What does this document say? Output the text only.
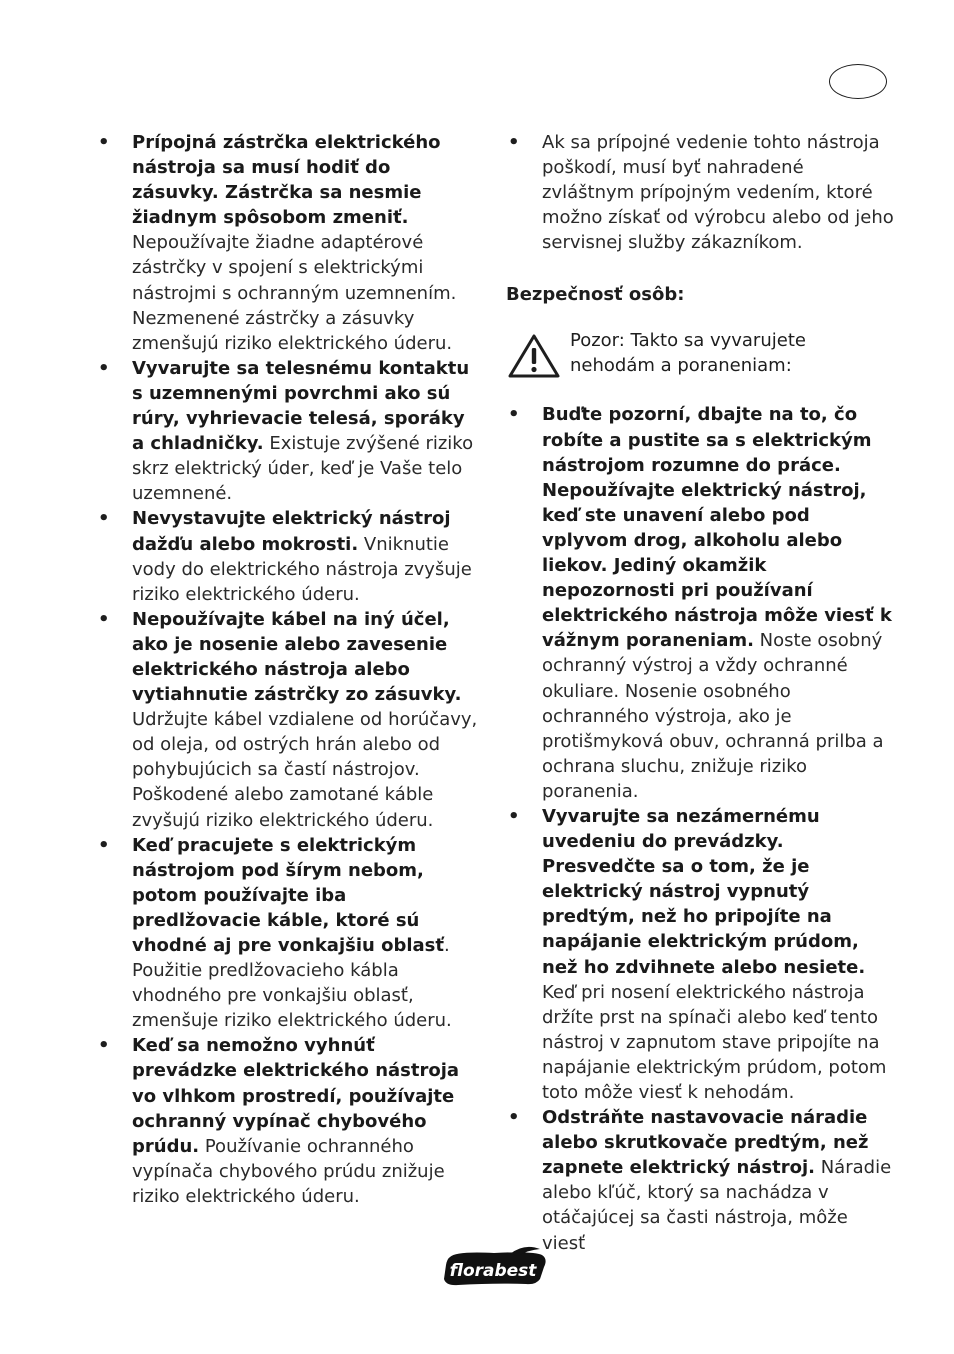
• Prípojná zástrčka elektrického nástroja sa musí hodiť do zásuvky. Zástrčka sa nesmie žiadnym spôsobom zmeniť. Nepoužívajte žiadne adaptérové zástrčky v spojení s elektrickými nástrojmi s ochranným uzemnením. Nezmenené zástrčky a zásuvky zmenšujú riziko elektrického úderu.
• Vyvarujte sa telesnému kontaktu s uzemnenými povrchmi ako sú rúry, vyhrievacie telesá, sporáky a chladničky. Existuje zvýšené riziko skrz elektrický úder, keď je Vaše telo uzemnené.
• Nevystavujte elektrický nástroj dažďu alebo mokrosti. Vniknutie vody do elektrického nástroja zvyšuje riziko elektrického úderu.
• Nepoužívajte kábel na iný účel, ako je nosenie alebo zavesenie elektrického nástroja alebo vytiahnutie zástrčky zo zásuvky. Udržujte kábel vzdialene od horúčavy, od oleja, od ostrých hrán alebo od pohybujúcich sa častí nástrojov. Poškodené alebo zamotané káble zvyšujú riziko elektrického úderu.
• Keď pracujete s elektrickým nástrojom pod šírym nebom, potom používajte iba predlžovacie káble, ktoré sú vhodné aj pre vonkajšiu oblasť. Použitie predlžovacieho kábla vhodného pre vonkajšiu oblasť, zmenšuje riziko elektrického úderu.
• Keď sa nemožno vyhnúť prevádzke elektrického nástroja vo vlhkom prostredí, používajte ochranný vypínač chybového prúdu. Používanie ochranného vypínača chybového prúdu znižuje riziko elektrického úderu.
• Ak sa prípojné vedenie tohto nástroja poškodí, musí byť nahradené zvláštnym prípojným vedením, ktoré možno získať od výrobcu alebo od jeho servisnej služby zákazníkom.
Bezpečnosť osôb:
Pozor: Takto sa vyvarujete nehodám a poraneniam:
• Buďte pozorní, dbajte na to, čo robíte a pustite sa s elektrickým nástrojom rozumne do práce. Nepoužívajte elektrický nástroj, keď ste unavení alebo pod vplyvom drog, alkoholu alebo liekov. Jediný okamžik nepozornosti pri používaní elektrického nástroja môže viesť k vážnym poraneniam. Noste osobný ochranný výstroj a vždy ochranné okuliare. Nosenie osobného ochranného výstroja, ako je protišmyková obuv, ochranná prilba a ochrana sluchu, znižuje riziko poranenia.
• Vyvarujte sa nezámernému uvedeniu do prevádzky. Presvedčte sa o tom, že je elektrický nástroj vypnutý predtým, než ho pripojíte na napájanie elektrickým prúdom, než ho zdvihnete alebo nesiete. Keď pri nosení elektrického nástroja držíte prst na spínači alebo keď tento nástroj v zapnutom stave pripojíte na napájanie elektrickým prúdom, potom toto môže viesť k nehodám.
• Odstráňte nastavovacie náradie alebo skrutkovače predtým, než zapnete elektrický nástroj. Náradie alebo kľúč, ktorý sa nachádza v otáčajúcej sa časti nástroja, môže viesť
florabest
